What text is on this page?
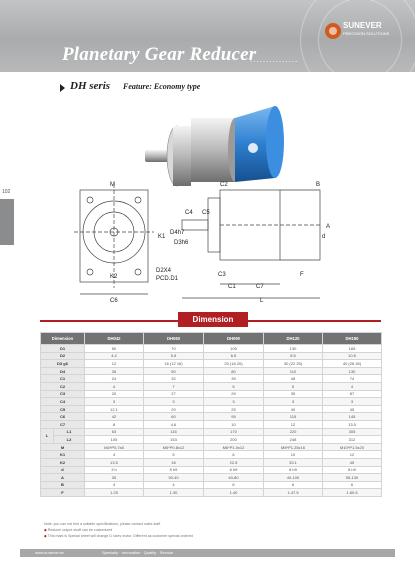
Planetary Gear Reducer
...............
SUNEVER
PRECISION SOLUTIONS
DH seris Feature: Economy type
102
M	C2	B
C4 C5
K1
D4h7
D3h6
K2
D2X4
PCD.D1
C6
A
d
C3
C1	C7
F
L
Dimension
Dimension		DH042	DH060	DH090	DH120	DH150
D1		50	70	105	130	165
D2		4.4	5.5	6.5	8.5	10.5
D3 g6		12	16 (12 16)	20 (18 20)	30 (22 25)	40 (28 45)
D4		35	50	80	110	130
C1		24	32	39	48	74
C2		4	7	5	5	4
C3		20	27	29	35	87
C4		3	3	3	3	3
C5		12.1	20	25	40	45
C6		42	60	95	115	145
C7		8	4.6	10	12	13.5
L	L1	63	116	170	220	305
	L2	105	153	200	248	312
M		M4*P0.7x8	M5*P0.8x12	M6*P1.0x12	M8*P1.25x16	M10*P1.5x20
K1		4	5	6	10	12
K2		13.5	18	22.5	33.1	45
d		3 h	5 h9	6 h9	8 h9	8 h9
A		30	30-40	40-80	40-100	55-130
B		4	4	6	6	6
F		1.25	1.30	1.40	1.47.5	1.60.5
Note: you can not find a suitable specifications, please contact sales staff
◆ Reducer output shaft can be customized
◆ This mark is Special sheet will change D sizes motor. Different as customer special ordered
www.sunever.tw	Specialty · Innovation · Quality · Service
